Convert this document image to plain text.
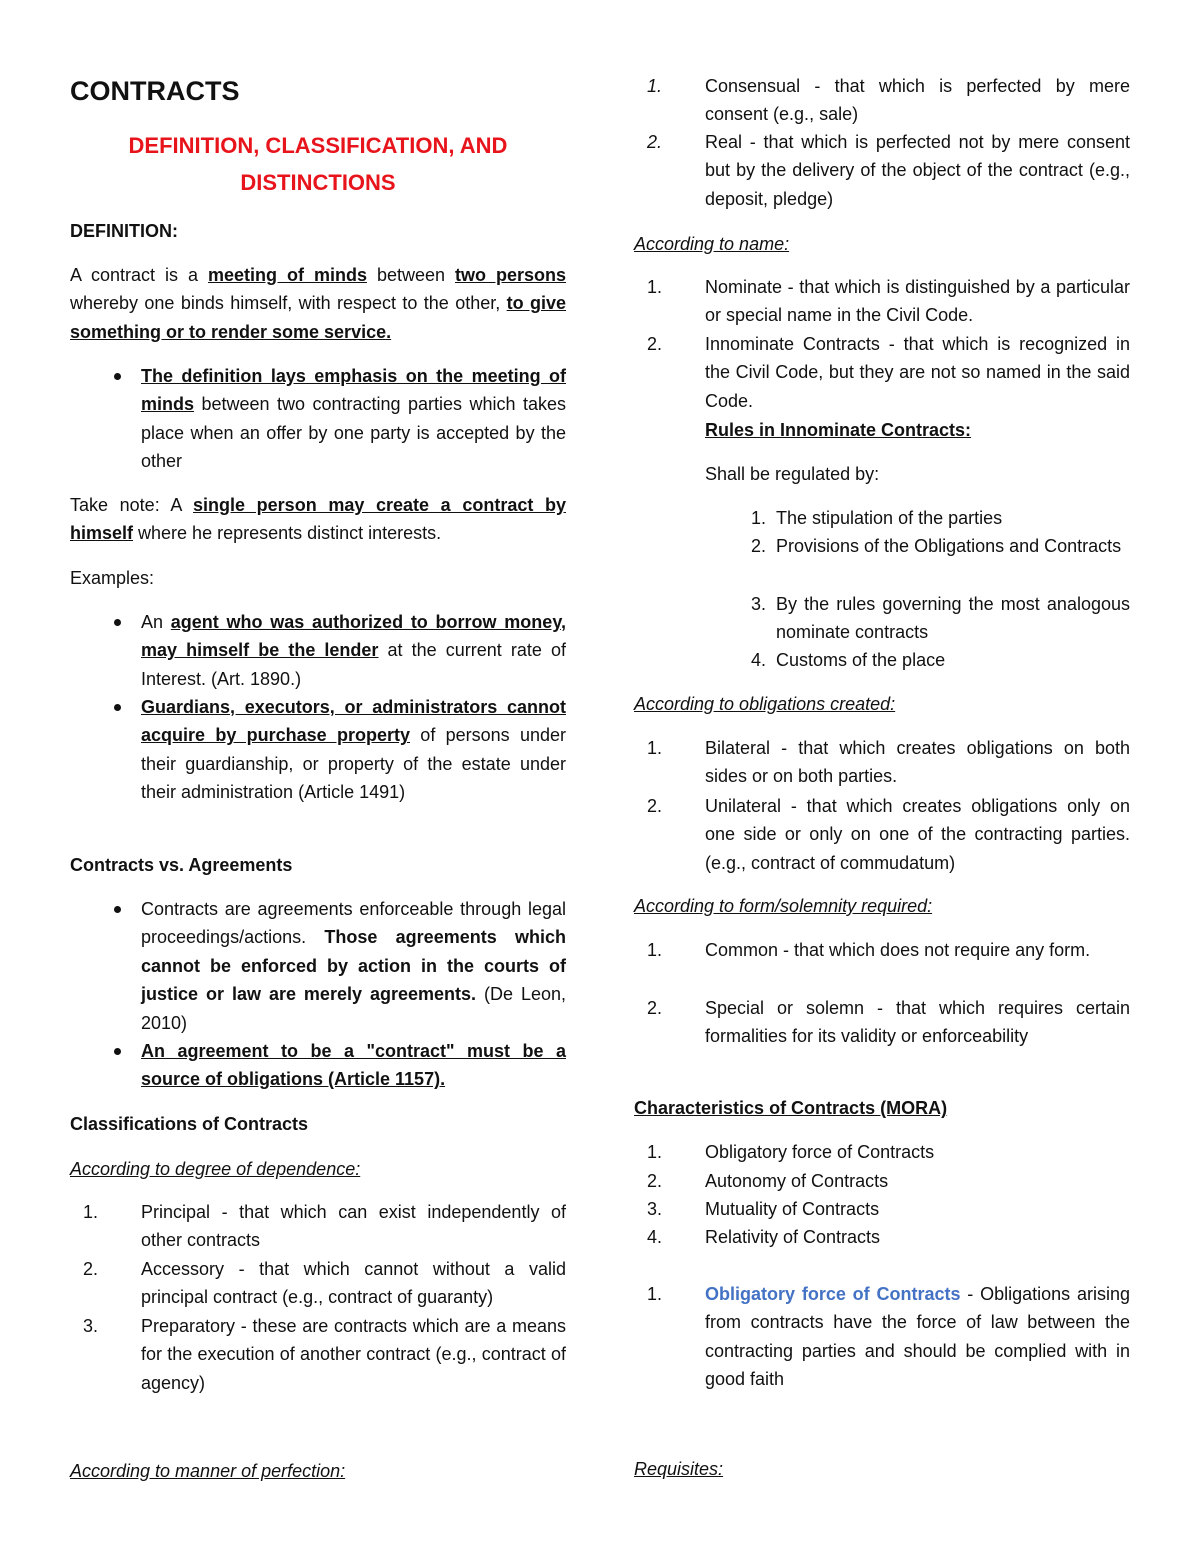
CONTRACTS
DEFINITION, CLASSIFICATION, AND
DISTINCTIONS

DEFINITION:

A contract is a meeting of minds between two persons whereby one binds himself, with respect to the other, to give something or to render some service.

The definition lays emphasis on the meeting of minds between two contracting parties which takes place when an offer by one party is accepted by the other

Take note: A single person may create a contract by himself where he represents distinct interests.

Examples:

An agent who was authorized to borrow money, may himself be the lender at the current rate of Interest. (Art. 1890.)
Guardians, executors, or administrators cannot acquire by purchase property of persons under their guardianship, or property of the estate under their administration (Article 1491)

Contracts vs. Agreements

Contracts are agreements enforceable through legal proceedings/actions. Those agreements which cannot be enforced by action in the courts of justice or law are merely agreements. (De Leon, 2010)
An agreement to be a "contract" must be a source of obligations (Article 1157).

Classifications of Contracts

According to degree of dependence:

1. Principal - that which can exist independently of other contracts
2. Accessory - that which cannot without a valid principal contract (e.g., contract of guaranty)
3. Preparatory - these are contracts which are a means for the execution of another contract (e.g., contract of agency)

According to manner of perfection:

1. Consensual - that which is perfected by mere consent (e.g., sale)
2. Real - that which is perfected not by mere consent but by the delivery of the object of the contract (e.g., deposit, pledge)

According to name:

1. Nominate - that which is distinguished by a particular or special name in the Civil Code.
2. Innominate Contracts - that which is recognized in the Civil Code, but they are not so named in the said Code.

Rules in Innominate Contracts:

Shall be regulated by:

1. The stipulation of the parties
2. Provisions of the Obligations and Contracts
3. By the rules governing the most analogous nominate contracts
4. Customs of the place

According to obligations created:

1. Bilateral - that which creates obligations on both sides or on both parties.
2. Unilateral - that which creates obligations only on one side or only on one of the contracting parties. (e.g., contract of commudatum)

According to form/solemnity required:

1. Common - that which does not require any form.
2. Special or solemn - that which requires certain formalities for its validity or enforceability

Characteristics of Contracts (MORA)

1. Obligatory force of Contracts
2. Autonomy of Contracts
3. Mutuality of Contracts
4. Relativity of Contracts
1. Obligatory force of Contracts - Obligations arising from contracts have the force of law between the contracting parties and should be complied with in good faith

Requisites:
